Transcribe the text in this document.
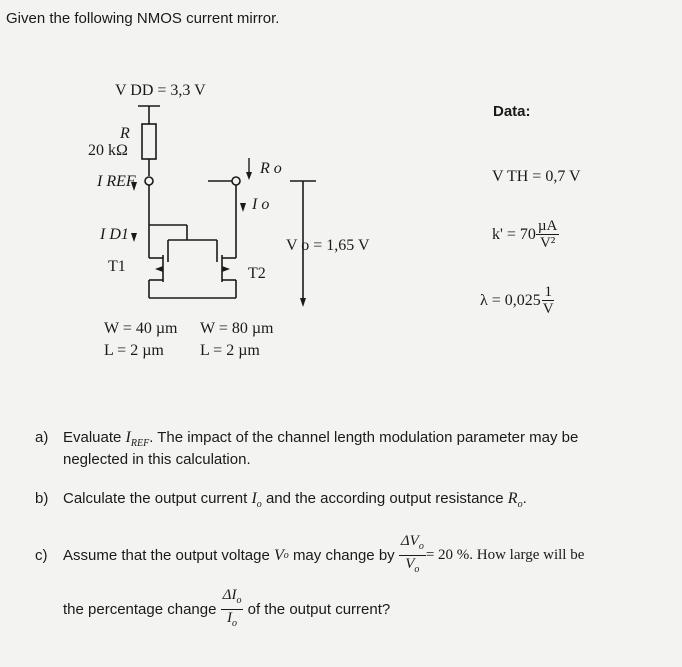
Given the following NMOS current mirror.
V DD = 3,3 V
R
20 kΩ
I REF
R o
I o
I D1
T1	T2
V o = 1,65 V
W = 40 µm
L = 2 µm
W = 80 µm
L = 2 µm
Data:
V TH = 0,7 V
$k' = 70 \frac{\text{µA}}{\text{V²}}$
$\lambda = 0,025 \frac{1}{V}$
a) Evaluate $I_{REF}$. The impact of the channel length modulation parameter may be
neglected in this calculation.
b) Calculate the output current $I_o$ and the according output resistance $R_o$.
c)	Assume that the output voltage
V o
may change by
$\frac{\Delta V_o}{V_o} = 20$ %. How large will be
the percentage change
$\frac{\Delta I_o}{I_o}$
of the output current?
